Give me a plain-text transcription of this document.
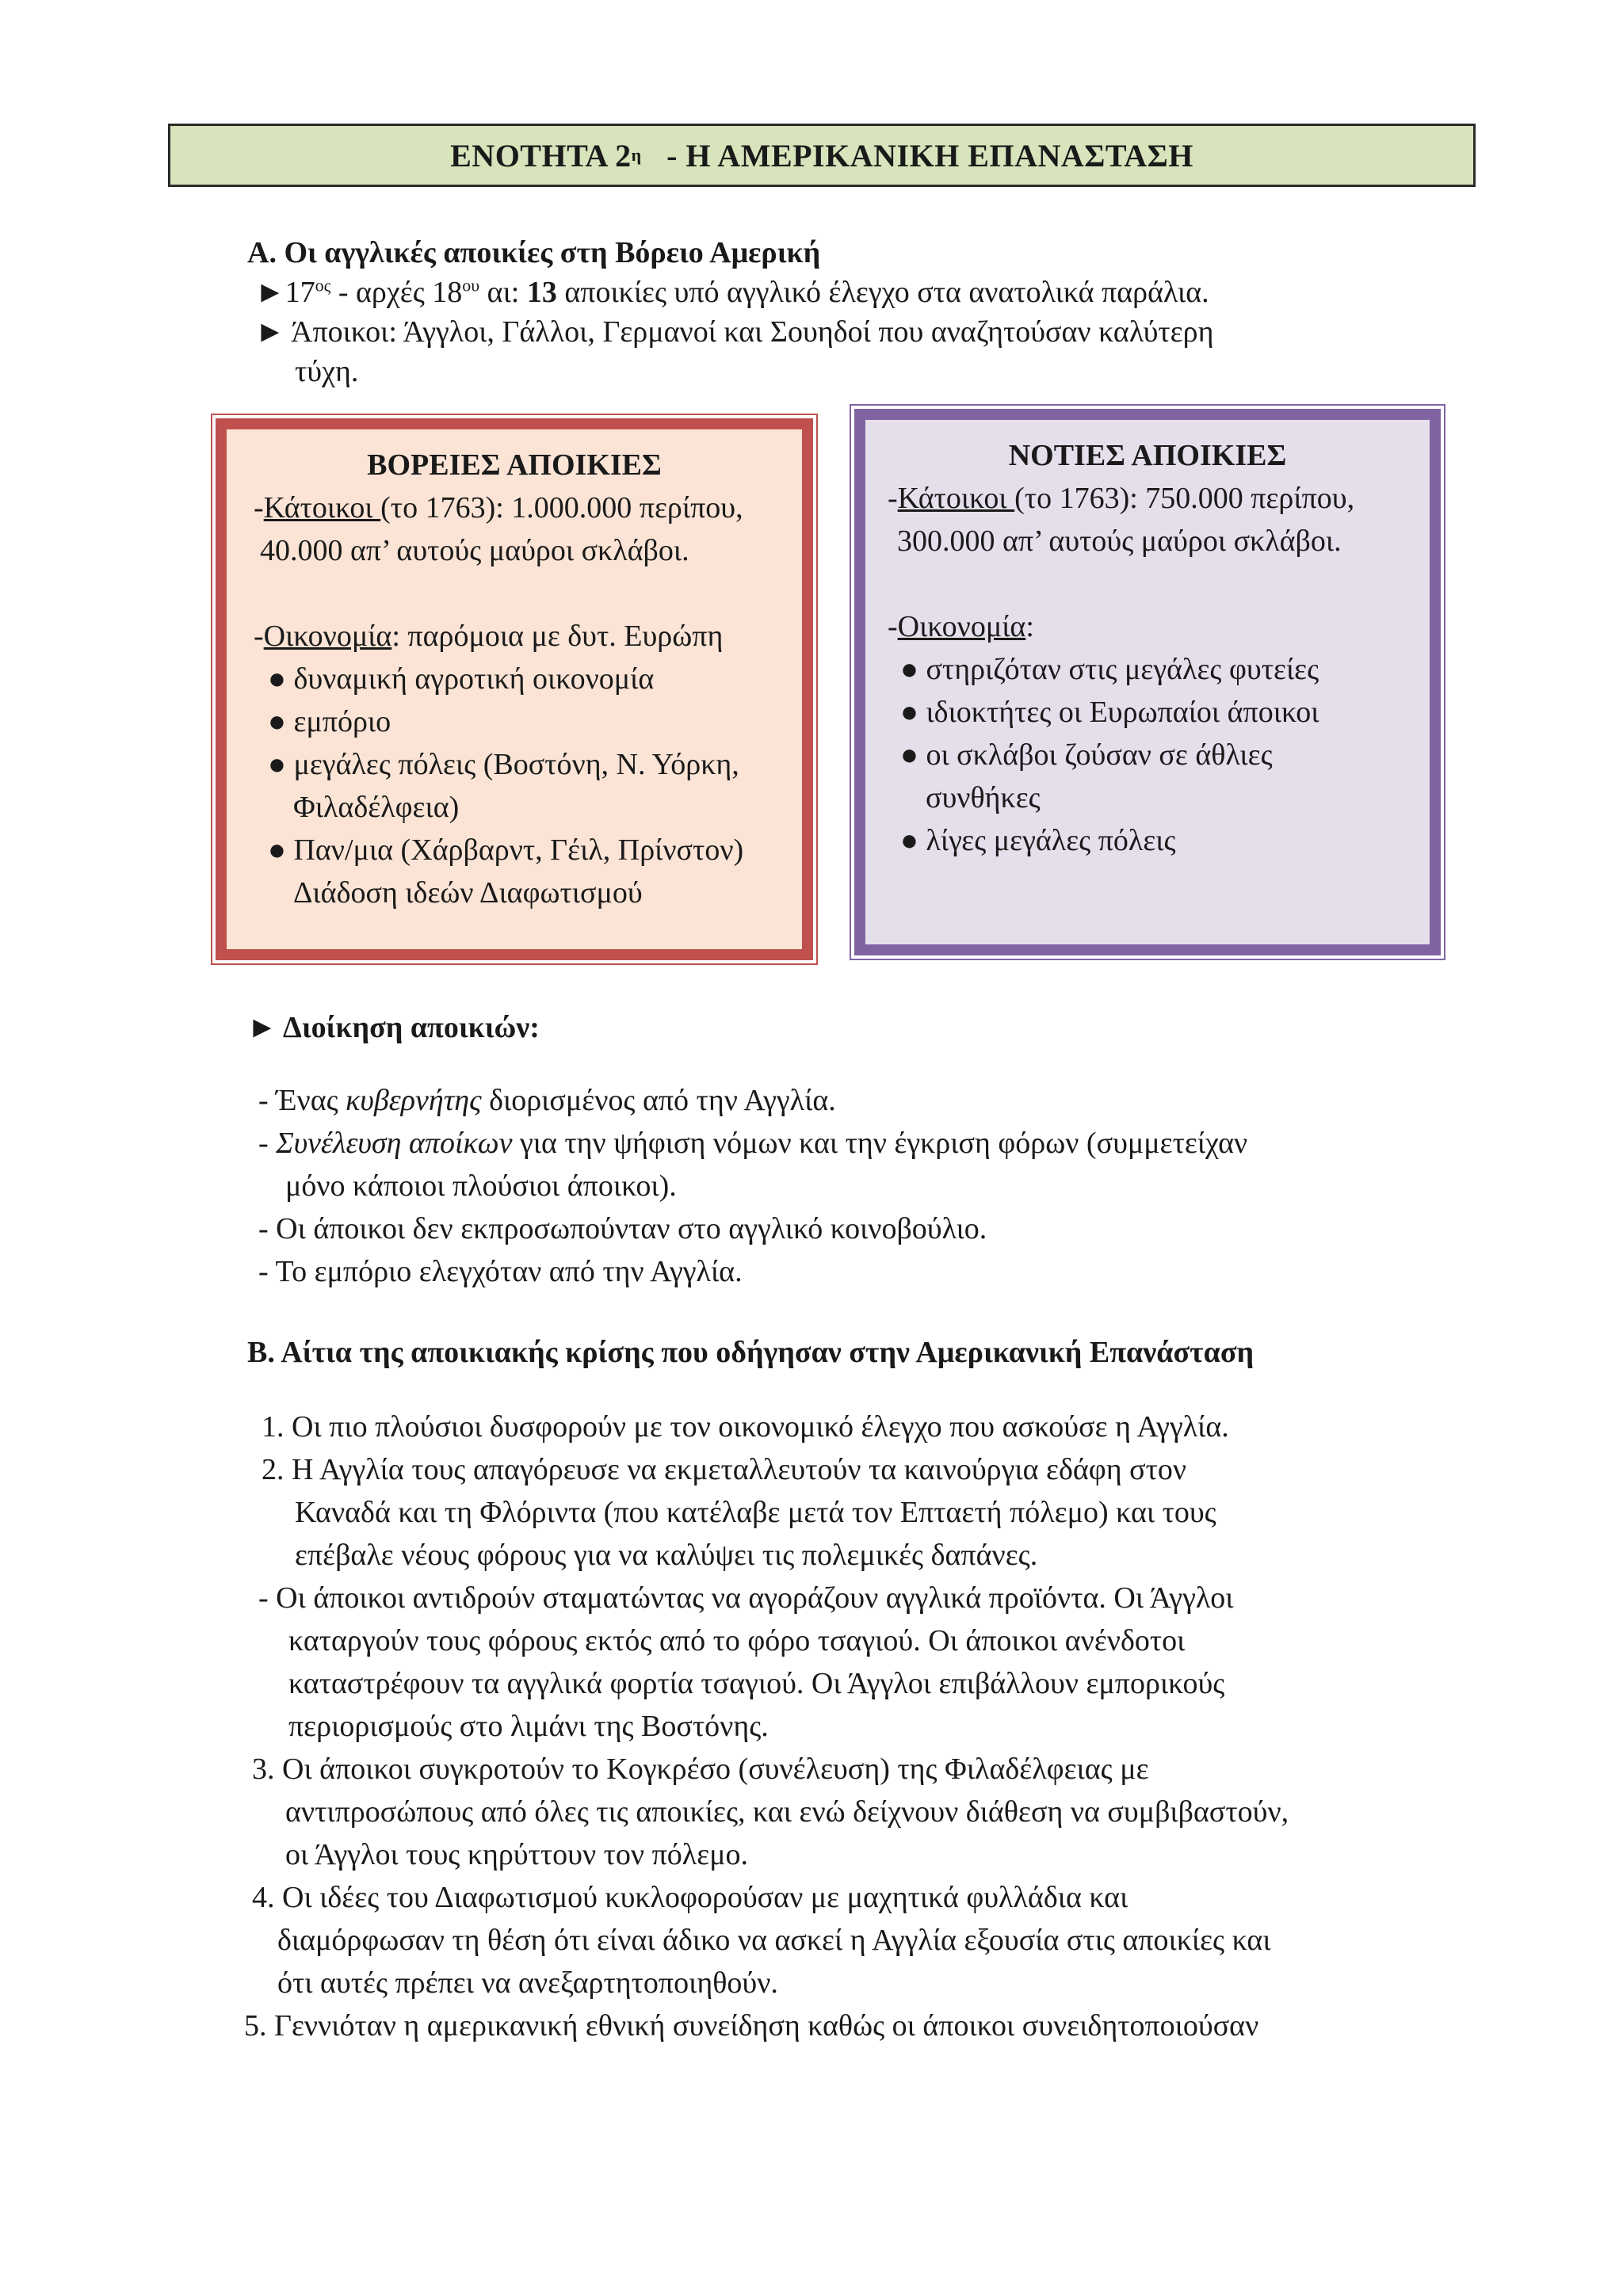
ΕΝΟΤΗΤΑ 2 η - Η ΑΜΕΡΙΚΑΝΙΚΗ ΕΠΑΝΑΣΤΑΣΗ
Α. Οι αγγλικές αποικίες στη Βόρειο Αμερική
$►17^{o\varsigma}$ - αρχές $18^{o\upsilon}$ αι: 13 αποικίες υπό αγγλικό έλεγχο στα ανατολικά παράλια.
► Άποικοι: Άγγλοι, Γάλλοι, Γερμανοί και Σουηδοί που αναζητούσαν καλύτερη
τύχη.
ΒΟΡΕΙΕΣ ΑΠΟΙΚΙΕΣ
-Κάτοικοι (το 1763): 1.000.000 περίπου,
40.000 απ’ αυτούς μαύροι σκλάβοι.
-Οικονομία: παρόμοια με δυτ. Ευρώπη
● δυναμική αγροτική οικονομία
● εμπόριο
● μεγάλες πόλεις (Βοστόνη, Ν. Υόρκη,
Φιλαδέλφεια)
● Παν/μια (Χάρβαρντ, Γέιλ, Πρίνστον)
Διάδοση ιδεών Διαφωτισμού
ΝΟΤΙΕΣ ΑΠΟΙΚΙΕΣ
-Κάτοικοι (το 1763): 750.000 περίπου,
300.000 απ’ αυτούς μαύροι σκλάβοι.
-Οικονομία:
● στηριζόταν στις μεγάλες φυτείες
● ιδιοκτήτες οι Ευρωπαίοι άποικοι
● οι σκλάβοι ζούσαν σε άθλιες
συνθήκες
● λίγες μεγάλες πόλεις
► Διοίκηση αποικιών:
- Ένας κυβερνήτης διορισμένος από την Αγγλία.
- Συνέλευση αποίκων για την ψήφιση νόμων και την έγκριση φόρων (συμμετείχαν
μόνο κάποιοι πλούσιοι άποικοι).
- Οι άποικοι δεν εκπροσωπούνταν στο αγγλικό κοινοβούλιο.
- Το εμπόριο ελεγχόταν από την Αγγλία.
Β. Αίτια της αποικιακής κρίσης που οδήγησαν στην Αμερικανική Επανάσταση
1. Οι πιο πλούσιοι δυσφορούν με τον οικονομικό έλεγχο που ασκούσε η Αγγλία.
2. Η Αγγλία τους απαγόρευσε να εκμεταλλευτούν τα καινούργια εδάφη στον
Καναδά και τη Φλόριντα (που κατέλαβε μετά τον Επταετή πόλεμο) και τους
επέβαλε νέους φόρους για να καλύψει τις πολεμικές δαπάνες.
- Οι άποικοι αντιδρούν σταματώντας να αγοράζουν αγγλικά προϊόντα. Οι Άγγλοι
καταργούν τους φόρους εκτός από το φόρο τσαγιού. Οι άποικοι ανένδοτοι
καταστρέφουν τα αγγλικά φορτία τσαγιού. Οι Άγγλοι επιβάλλουν εμπορικούς
περιορισμούς στο λιμάνι της Βοστόνης.
3. Οι άποικοι συγκροτούν το Κογκρέσο (συνέλευση) της Φιλαδέλφειας με
αντιπροσώπους από όλες τις αποικίες, και ενώ δείχνουν διάθεση να συμβιβαστούν,
οι Άγγλοι τους κηρύττουν τον πόλεμο.
4. Οι ιδέες του Διαφωτισμού κυκλοφορούσαν με μαχητικά φυλλάδια και
διαμόρφωσαν τη θέση ότι είναι άδικο να ασκεί η Αγγλία εξουσία στις αποικίες και
ότι αυτές πρέπει να ανεξαρτητοποιηθούν.
5. Γεννιόταν η αμερικανική εθνική συνείδηση καθώς οι άποικοι συνειδητοποιούσαν
